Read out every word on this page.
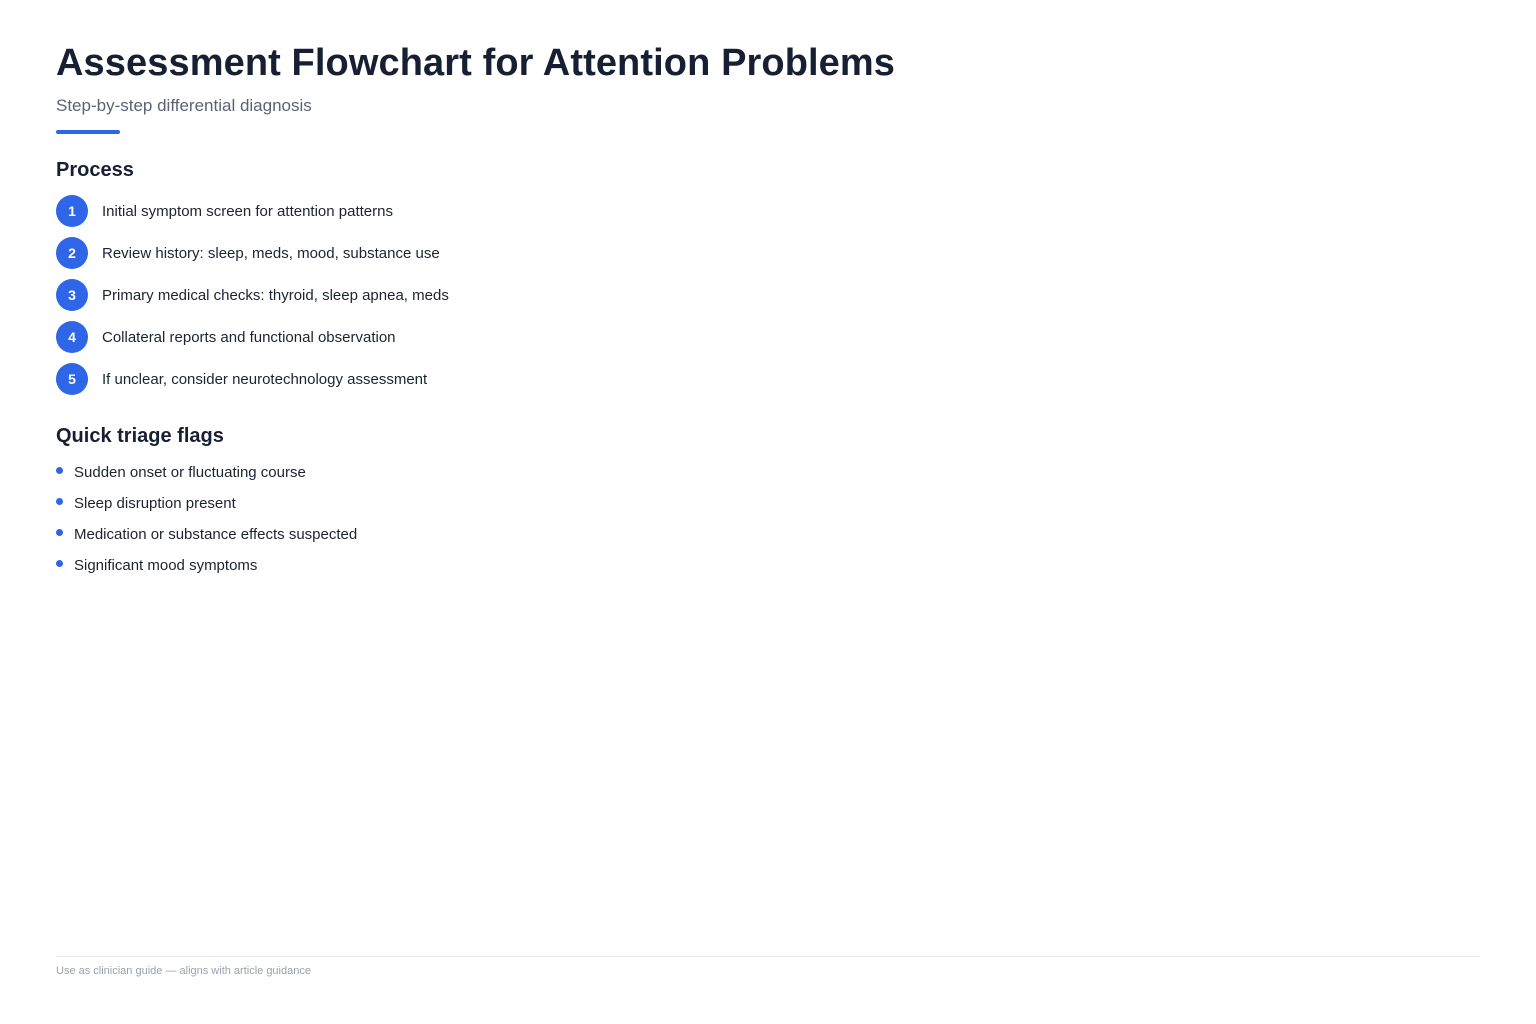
Assessment Flowchart for Attention Problems

Step-by-step differential diagnosis

Process
1	Initial symptom screen for attention patterns
2	Review history: sleep, meds, mood, substance use
3	Primary medical checks: thyroid, sleep apnea, meds
4	Collateral reports and functional observation
5	If unclear, consider neurotechnology assessment
Quick triage flags
Sudden onset or fluctuating course
Sleep disruption present
Medication or substance effects suspected
Significant mood symptoms

Use as clinician guide — aligns with article guidance
